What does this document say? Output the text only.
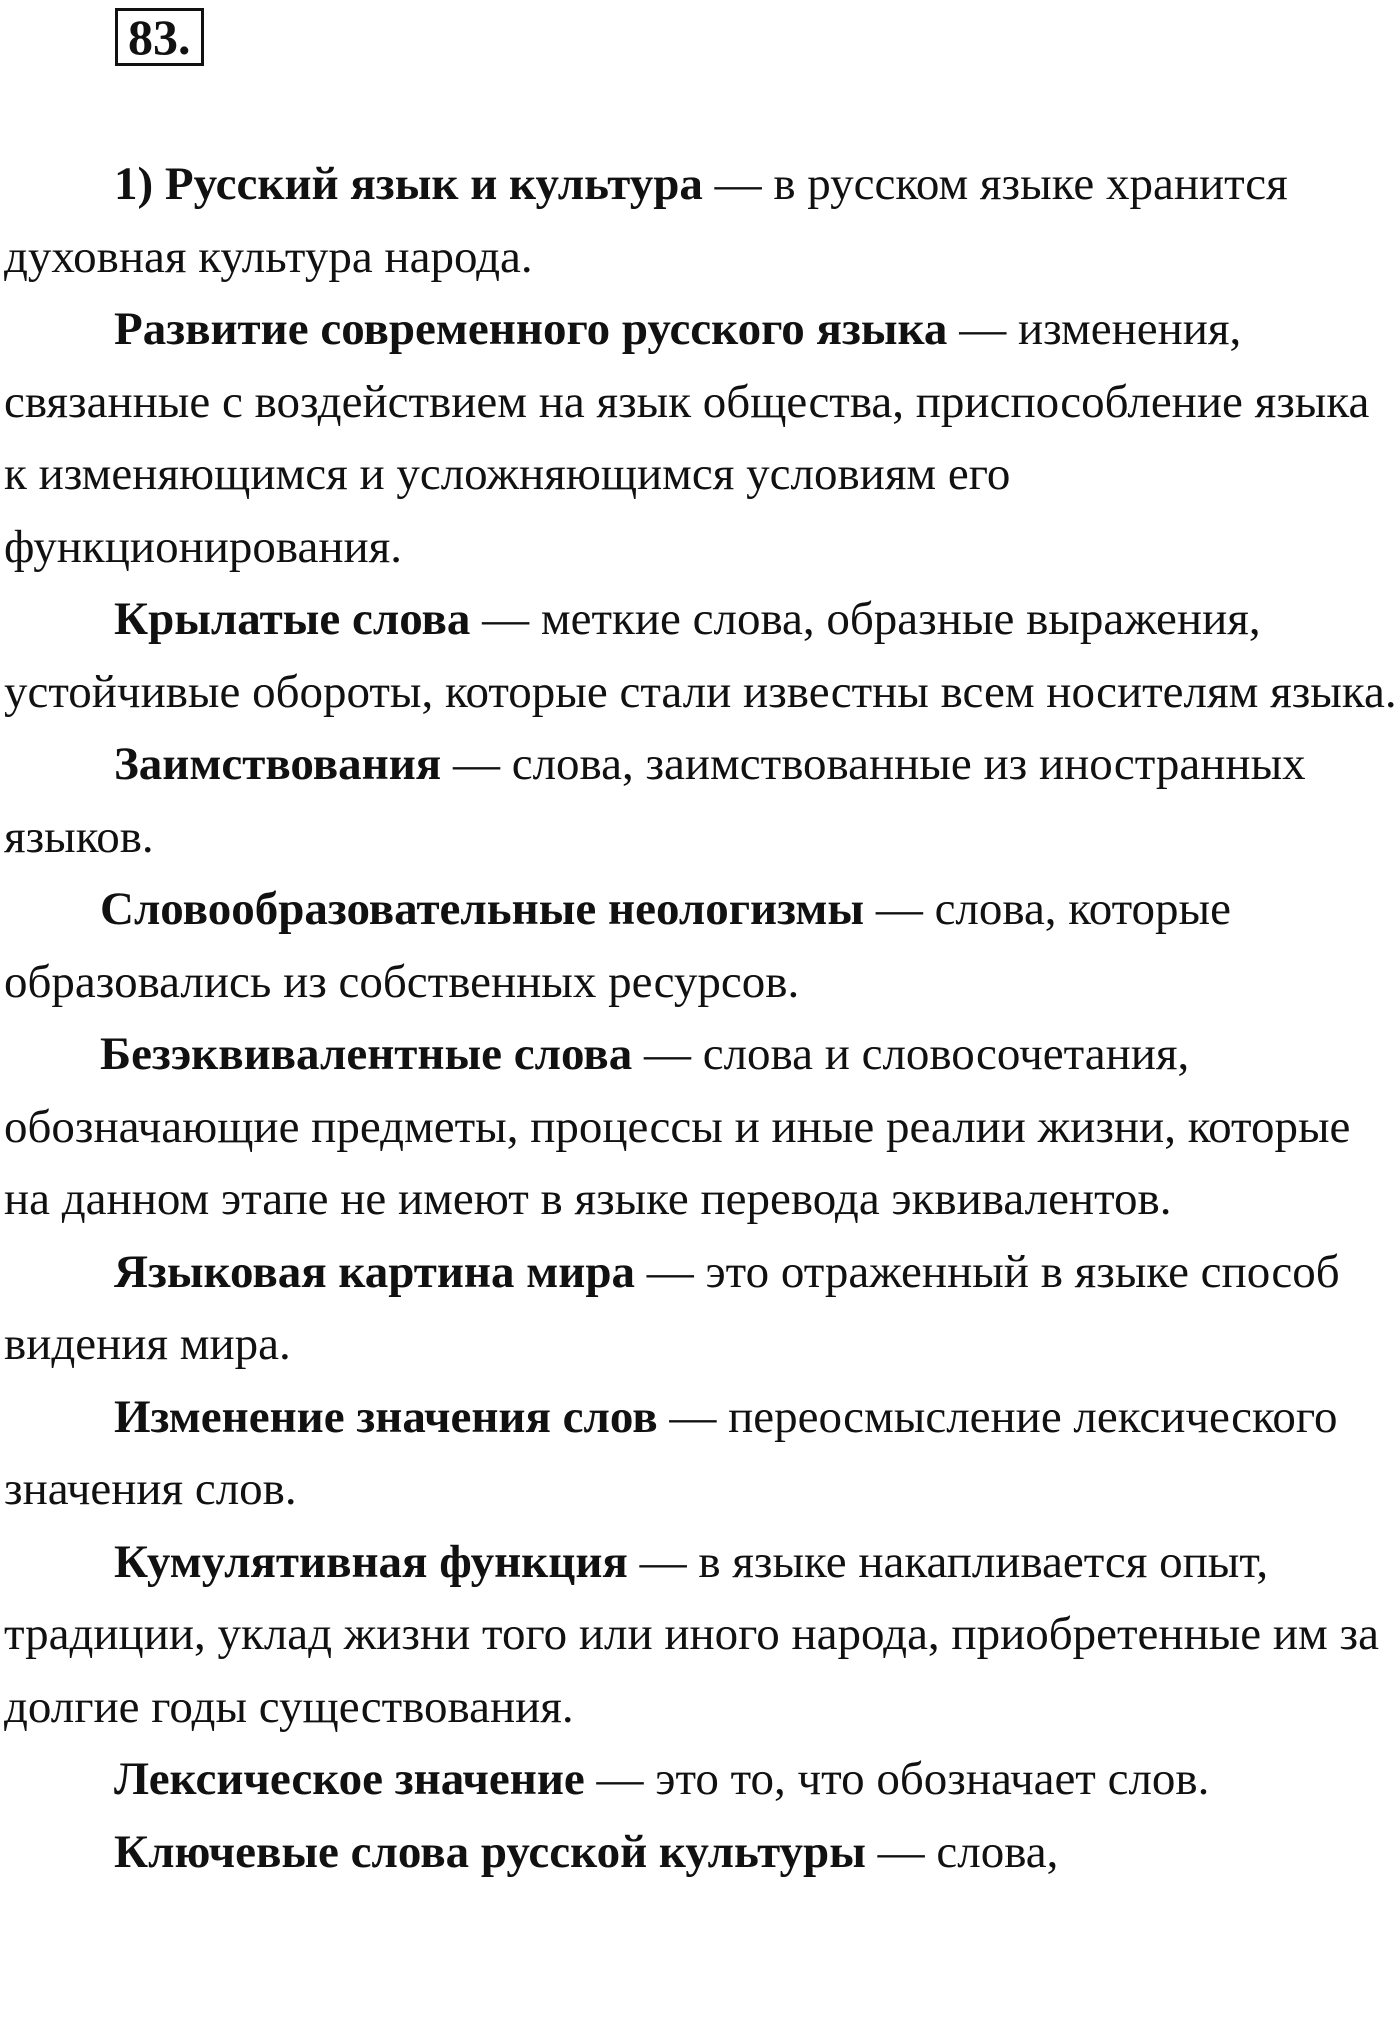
83.

1) Русский язык и культура — в русском языке хранится духовная культура народа.

Развитие современного русского языка — изменения, связанные с воздействием на язык общества, приспособление языка к изменяющимся и усложняющимся условиям его функционирования.

Крылатые слова — меткие слова, образные выражения, устойчивые обороты, которые стали известны всем носителям языка.

Заимствования — слова, заимствованные из иностранных языков.

Словообразовательные неологизмы — слова, которые образовались из собственных ресурсов.

Безэквивалентные слова — слова и словосочетания, обозначающие предметы, процессы и иные реалии жизни, которые на данном этапе не имеют в языке перевода эквивалентов.

Языковая картина мира — это отраженный в языке способ видения мира.

Изменение значения слов — переосмысление лексического значения слов.

Кумулятивная функция — в языке накапливается опыт, традиции, уклад жизни того или иного народа, приобретенные им за долгие годы существования.

Лексическое значение — это то, что обозначает слов.

Ключевые слова русской культуры — слова,
